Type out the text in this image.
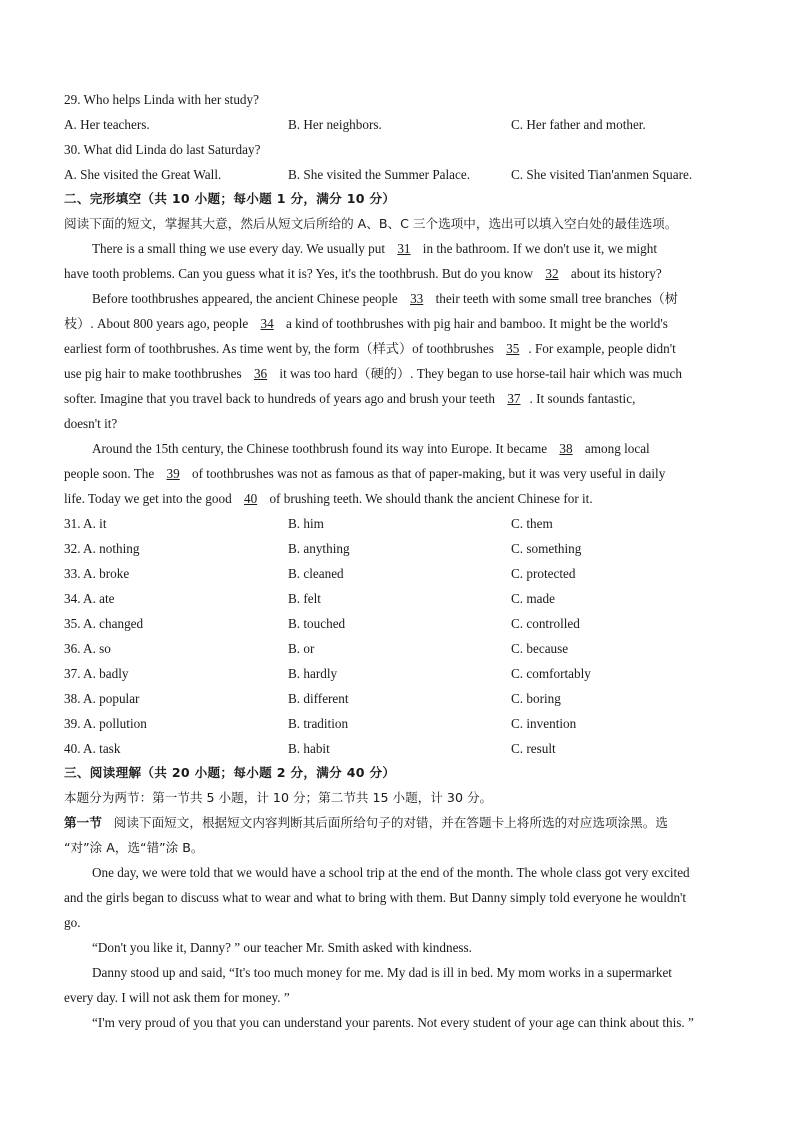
29. Who helps Linda with her study?
A. Her teachers.	B. Her neighbors.	C. Her father and mother.
30. What did Linda do last Saturday?
A. She visited the Great Wall.	B. She visited the Summer Palace.	C. She visited Tian'anmen Square.
二、完形填空（共 10 小题；每小题 1 分，满分 10 分）
阅读下面的短文，掌握其大意，然后从短文后所给的 A、B、C 三个选项中，选出可以填入空白处的最佳选项。
There is a small thing we use every day. We usually put 31 in the bathroom. If we don't use it, we might
have tooth problems. Can you guess what it is? Yes, it's the toothbrush. But do you know 32 about its history?
Before toothbrushes appeared, the ancient Chinese people 33 their teeth with some small tree branches（树
枝）. About 800 years ago, people 34 a kind of toothbrushes with pig hair and bamboo. It might be the world's
earliest form of toothbrushes. As time went by, the form（样式）of toothbrushes 35 . For example, people didn't
use pig hair to make toothbrushes 36 it was too hard（硬的）. They began to use horse-tail hair which was much
softer. Imagine that you travel back to hundreds of years ago and brush your teeth 37 . It sounds fantastic,
doesn't it?
Around the 15th century, the Chinese toothbrush found its way into Europe. It became 38 among local
people soon. The 39 of toothbrushes was not as famous as that of paper-making, but it was very useful in daily
life. Today we get into the good 40 of brushing teeth. We should thank the ancient Chinese for it.
31. A. it	B. him	C. them
32. A. nothing	B. anything	C. something
33. A. broke	B. cleaned	C. protected
34. A. ate	B. felt	C. made
35. A. changed	B. touched	C. controlled
36. A. so	B. or	C. because
37. A. badly	B. hardly	C. comfortably
38. A. popular	B. different	C. boring
39. A. pollution	B. tradition	C. invention
40. A. task	B. habit	C. result
三、阅读理解（共 20 小题；每小题 2 分，满分 40 分）
本题分为两节：第一节共 5 小题，计 10 分；第二节共 15 小题，计 30 分。
第一节 阅读下面短文，根据短文内容判断其后面所给句子的对错，并在答题卡上将所选的对应选项涂黑。选
“对”涂 A，选“错”涂 B。
One day, we were told that we would have a school trip at the end of the month. The whole class got very excited
and the girls began to discuss what to wear and what to bring with them. But Danny simply told everyone he wouldn't
go.
“Don't you like it, Danny? ” our teacher Mr. Smith asked with kindness.
Danny stood up and said, “It's too much money for me. My dad is ill in bed. My mom works in a supermarket
every day. I will not ask them for money. ”
“I'm very proud of you that you can understand your parents. Not every student of your age can think about this. ”
